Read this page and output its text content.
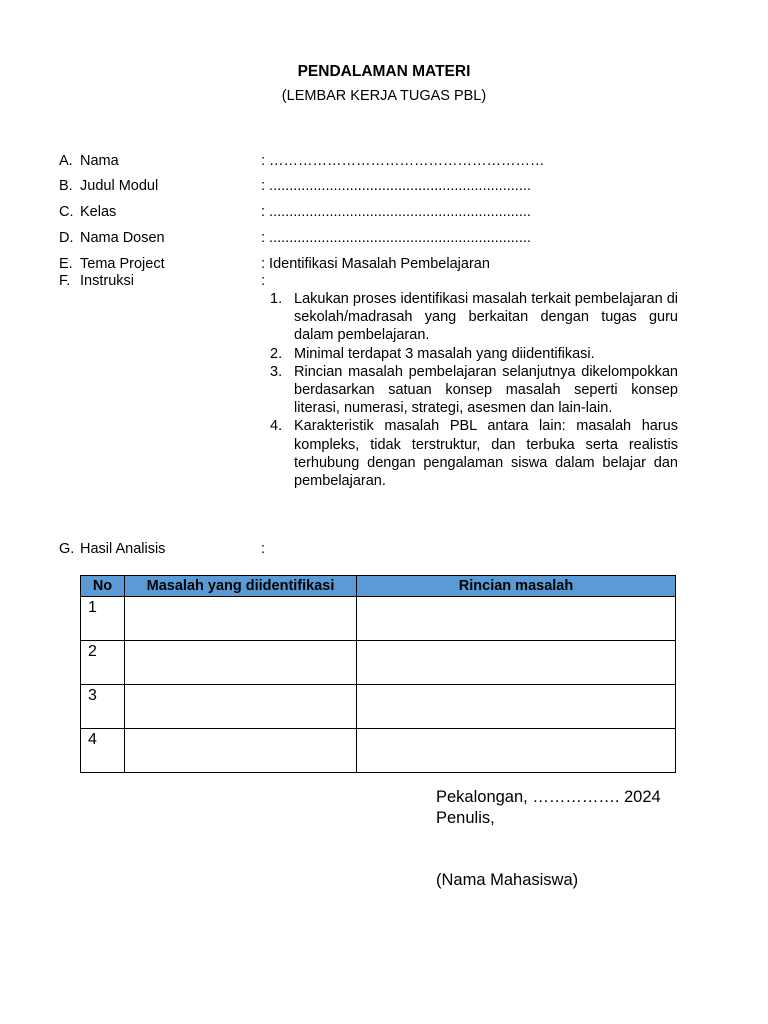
PENDALAMAN MATERI
(LEMBAR KERJA TUGAS PBL)
A. Nama	: …………………………………………………
B. Judul Modul	: .................................................................
C. Kelas	: .................................................................
D. Nama Dosen	: .................................................................
E. Tema Project	: Identifikasi Masalah Pembelajaran
F. Instruksi	:
1. Lakukan proses identifikasi masalah terkait pembelajaran di sekolah/madrasah yang berkaitan dengan tugas guru dalam pembelajaran.
2. Minimal terdapat 3 masalah yang diidentifikasi.
3. Rincian masalah pembelajaran selanjutnya dikelompokkan berdasarkan satuan konsep masalah seperti konsep literasi, numerasi, strategi, asesmen dan lain-lain.
4. Karakteristik masalah PBL antara lain: masalah harus kompleks, tidak terstruktur, dan terbuka serta realistis terhubung dengan pengalaman siswa dalam belajar dan pembelajaran.
G. Hasil Analisis	:
No	Masalah yang diidentifikasi	Rincian masalah
1		
2		
3		
4		
Pekalongan, ……………. 2024
Penulis,
(Nama Mahasiswa)
